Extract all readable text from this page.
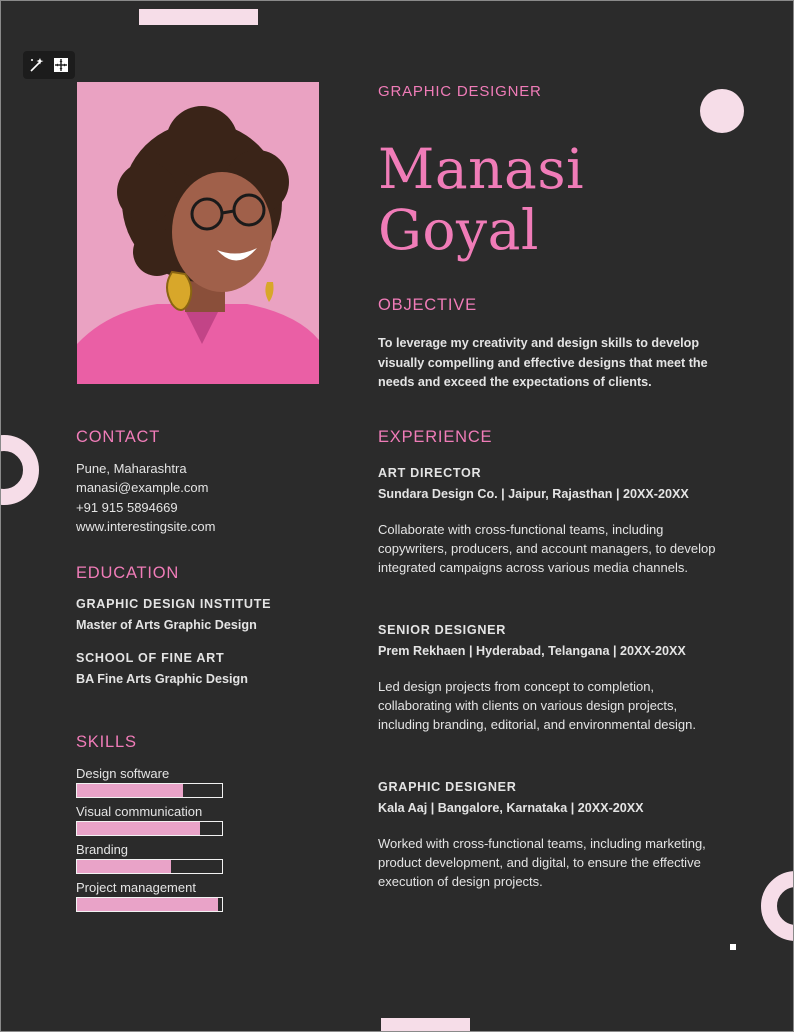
GRAPHIC DESIGNER
Manasi
Goyal
OBJECTIVE
To leverage my creativity and design skills to develop visually compelling and effective designs that meet the needs and exceed the expectations of clients.
CONTACT
Pune, Maharashtra
manasi@example.com
+91 915 5894669
www.interestingsite.com
EDUCATION
GRAPHIC DESIGN INSTITUTE
Master of Arts Graphic Design
SCHOOL OF FINE ART
BA Fine Arts Graphic Design
SKILLS
Design software
Visual communication
Branding
Project management
EXPERIENCE
ART DIRECTOR
Sundara Design Co. | Jaipur, Rajasthan | 20XX-20XX
Collaborate with cross-functional teams, including copywriters, producers, and account managers, to develop integrated campaigns across various media channels.
SENIOR DESIGNER
Prem Rekhaen | Hyderabad, Telangana | 20XX-20XX
Led design projects from concept to completion, collaborating with clients on various design projects, including branding, editorial, and environmental design.
GRAPHIC DESIGNER
Kala Aaj | Bangalore, Karnataka | 20XX-20XX
Worked with cross-functional teams, including marketing, product development, and digital, to ensure the effective execution of design projects.
